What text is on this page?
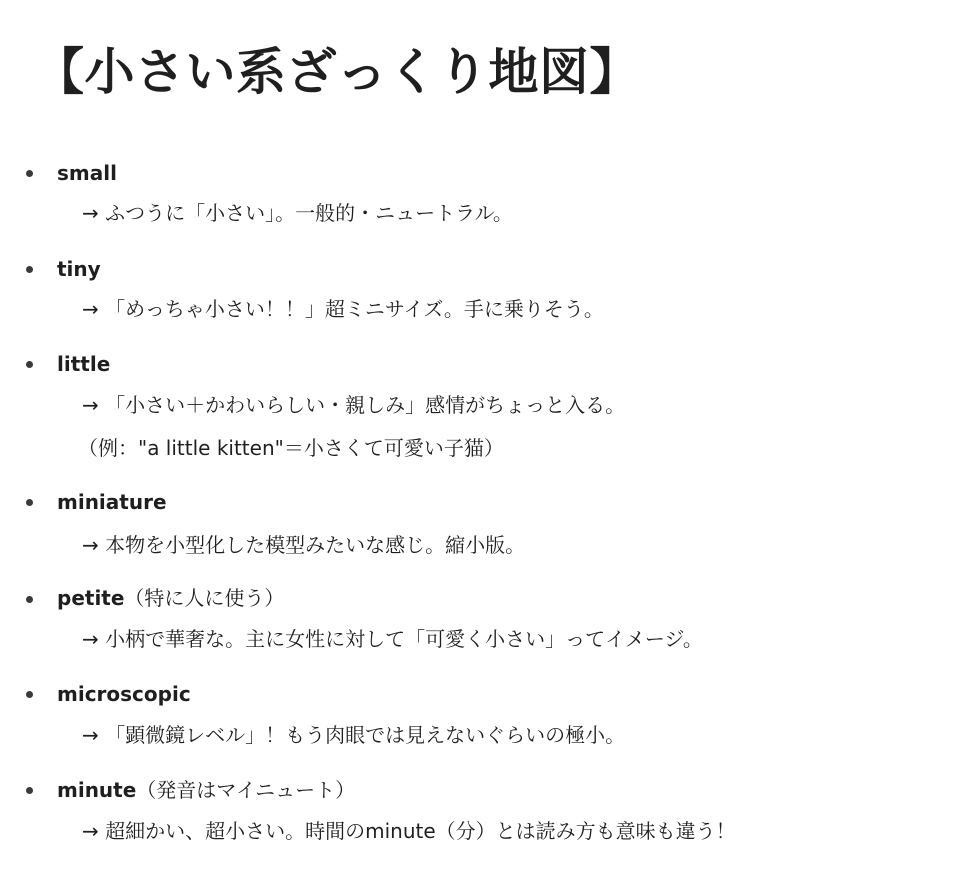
【小さい系ざっくり地図】
small
→ ふつうに「小さい」。一般的・ニュートラル。
tiny
→ 「めっちゃ小さい！！」超ミニサイズ。手に乗りそう。
little
→ 「小さい＋かわいらしい・親しみ」感情がちょっと入る。
（例："a little kitten"＝小さくて可愛い子猫）
miniature
→ 本物を小型化した模型みたいな感じ。縮小版。
petite（特に人に使う）
→ 小柄で華奢な。主に女性に対して「可愛く小さい」ってイメージ。
microscopic
→ 「顕微鏡レベル」！もう肉眼では見えないぐらいの極小。
minute（発音はマイニュート）
→ 超細かい、超小さい。時間のminute（分）とは読み方も意味も違う！
